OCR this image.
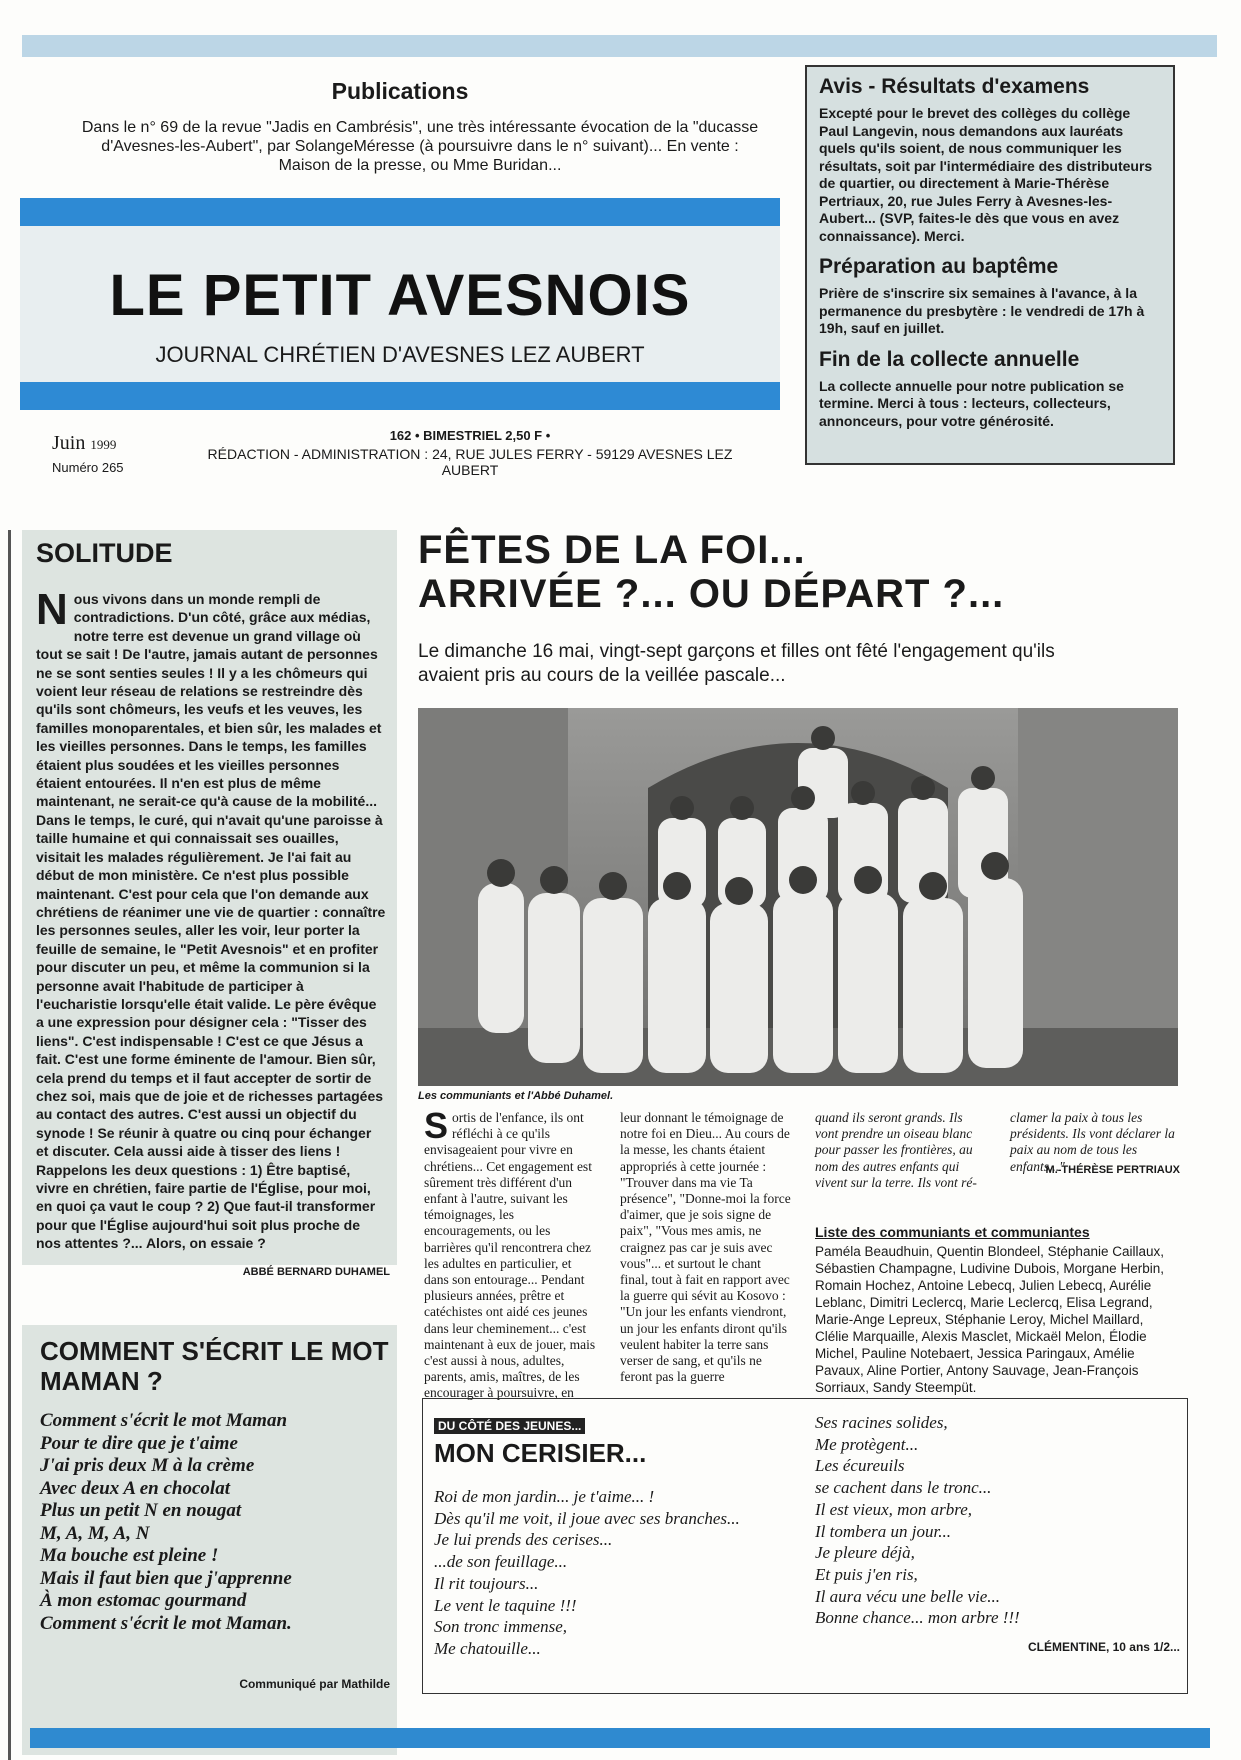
Publications
Dans le n° 69 de la revue "Jadis en Cambrésis", une très intéressante évocation de la "ducasse d'Avesnes-les-Aubert", par SolangeMéresse (à poursuivre dans le n° suivant)... En vente : Maison de la presse, ou Mme Buridan...
LE PETIT AVESNOIS
JOURNAL CHRÉTIEN D'AVESNES LEZ AUBERT
Juin 1999
Numéro 265
162 • BIMESTRIEL 2,50 F •
RÉDACTION - ADMINISTRATION : 24, RUE JULES FERRY - 59129 AVESNES LEZ AUBERT
Avis - Résultats d'examens

Excepté pour le brevet des collèges du collège Paul Langevin, nous demandons aux lauréats quels qu'ils soient, de nous communiquer les résultats, soit par l'intermédiaire des distributeurs de quartier, ou directement à Marie-Thérèse Pertriaux, 20, rue Jules Ferry à Avesnes-les-Aubert... (SVP, faites-le dès que vous en avez connaissance). Merci.

Préparation au baptême

Prière de s'inscrire six semaines à l'avance, à la permanence du presbytère : le vendredi de 17h à 19h, sauf en juillet.

Fin de la collecte annuelle

La collecte annuelle pour notre publication se termine. Merci à tous : lecteurs, collecteurs, annonceurs, pour votre générosité.

SOLITUDE
Nous vivons dans un monde rempli de contradictions. D'un côté, grâce aux médias, notre terre est devenue un grand village où tout se sait ! De l'autre, jamais autant de personnes ne se sont senties seules ! Il y a les chômeurs qui voient leur réseau de relations se restreindre dès qu'ils sont chômeurs, les veufs et les veuves, les familles monoparentales, et bien sûr, les malades et les vieilles personnes. Dans le temps, les familles étaient plus soudées et les vieilles personnes étaient entourées. Il n'en est plus de même maintenant, ne serait-ce qu'à cause de la mobilité... Dans le temps, le curé, qui n'avait qu'une paroisse à taille humaine et qui connaissait ses ouailles, visitait les malades régulièrement. Je l'ai fait au début de mon ministère. Ce n'est plus possible maintenant. C'est pour cela que l'on demande aux chrétiens de réanimer une vie de quartier : connaître les personnes seules, aller les voir, leur porter la feuille de semaine, le "Petit Avesnois" et en profiter pour discuter un peu, et même la communion si la personne avait l'habitude de participer à l'eucharistie lorsqu'elle était valide. Le père évêque a une expression pour désigner cela : "Tisser des liens". C'est indispensable ! C'est ce que Jésus a fait. C'est une forme éminente de l'amour. Bien sûr, cela prend du temps et il faut accepter de sortir de chez soi, mais que de joie et de richesses partagées au contact des autres. C'est aussi un objectif du synode ! Se réunir à quatre ou cinq pour échanger et discuter. Cela aussi aide à tisser des liens ! Rappelons les deux questions : 1) Être baptisé, vivre en chrétien, faire partie de l'Église, pour moi, en quoi ça vaut le coup ? 2) Que faut-il transformer pour que l'Église aujourd'hui soit plus proche de nos attentes ?... Alors, on essaie ?
ABBÉ BERNARD DUHAMEL
COMMENT S'ÉCRIT LE MOT MAMAN ?
Comment s'écrit le mot Maman
Pour te dire que je t'aime
J'ai pris deux M à la crème
Avec deux A en chocolat
Plus un petit N en nougat
M, A, M, A, N
Ma bouche est pleine !
Mais il faut bien que j'apprenne
À mon estomac gourmand
Comment s'écrit le mot Maman.
Communiqué par Mathilde
FÊTES DE LA FOI...
ARRIVÉE ?... OU DÉPART ?...
Le dimanche 16 mai, vingt-sept garçons et filles ont fêté l'engagement qu'ils avaient pris au cours de la veillée pascale...
Les communiants et l'Abbé Duhamel.
Sortis de l'enfance, ils ont réfléchi à ce qu'ils envisageaient pour vivre en chrétiens... Cet engagement est sûrement très différent d'un enfant à l'autre, suivant les témoignages, les encouragements, ou les barrières qu'il rencontrera chez les adultes en particulier, et dans son entourage... Pendant plusieurs années, prêtre et catéchistes ont aidé ces jeunes dans leur cheminement... c'est maintenant à eux de jouer, mais c'est aussi à nous, adultes, parents, amis, maîtres, de les encourager à poursuivre, en
leur donnant le témoignage de notre foi en Dieu... Au cours de la messe, les chants étaient appropriés à cette journée : "Trouver dans ma vie Ta présence", "Donne-moi la force d'aimer, que je sois signe de paix", "Vous mes amis, ne craignez pas car je suis avec vous"... et surtout le chant final, tout à fait en rapport avec la guerre qui sévit au Kosovo : "Un jour les enfants viendront, un jour les enfants diront qu'ils veulent habiter la terre sans verser de sang, et qu'ils ne feront pas la guerre
quand ils seront grands. Ils vont prendre un oiseau blanc pour passer les frontières, au nom des autres enfants qui vivent sur la terre. Ils vont ré-
clamer la paix à tous les présidents. Ils vont déclarer la paix au nom de tous les enfants..."
M.-THÉRÈSE PERTRIAUX
Liste des communiants et communiantes
Paméla Beaudhuin, Quentin Blondeel, Stéphanie Caillaux, Sébastien Champagne, Ludivine Dubois, Morgane Herbin, Romain Hochez, Antoine Lebecq, Julien Lebecq, Aurélie Leblanc, Dimitri Leclercq, Marie Leclercq, Elisa Legrand, Marie-Ange Lepreux, Stéphanie Leroy, Michel Maillard, Clélie Marquaille, Alexis Masclet, Mickaël Melon, Élodie Michel, Pauline Notebaert, Jessica Paringaux, Amélie Pavaux, Aline Portier, Antony Sauvage, Jean-François Sorriaux, Sandy Steempüt.
DU CÔTÉ DES JEUNES...
MON CERISIER...
Roi de mon jardin... je t'aime... !
Dès qu'il me voit, il joue avec ses branches...
Je lui prends des cerises...
...de son feuillage...
Il rit toujours...
Le vent le taquine !!!
Son tronc immense,
Me chatouille...
Ses racines solides,
Me protègent...
Les écureuils
se cachent dans le tronc...
Il est vieux, mon arbre,
Il tombera un jour...
Je pleure déjà,
Et puis j'en ris,
Il aura vécu une belle vie...
Bonne chance... mon arbre !!!
CLÉMENTINE, 10 ans 1/2...
